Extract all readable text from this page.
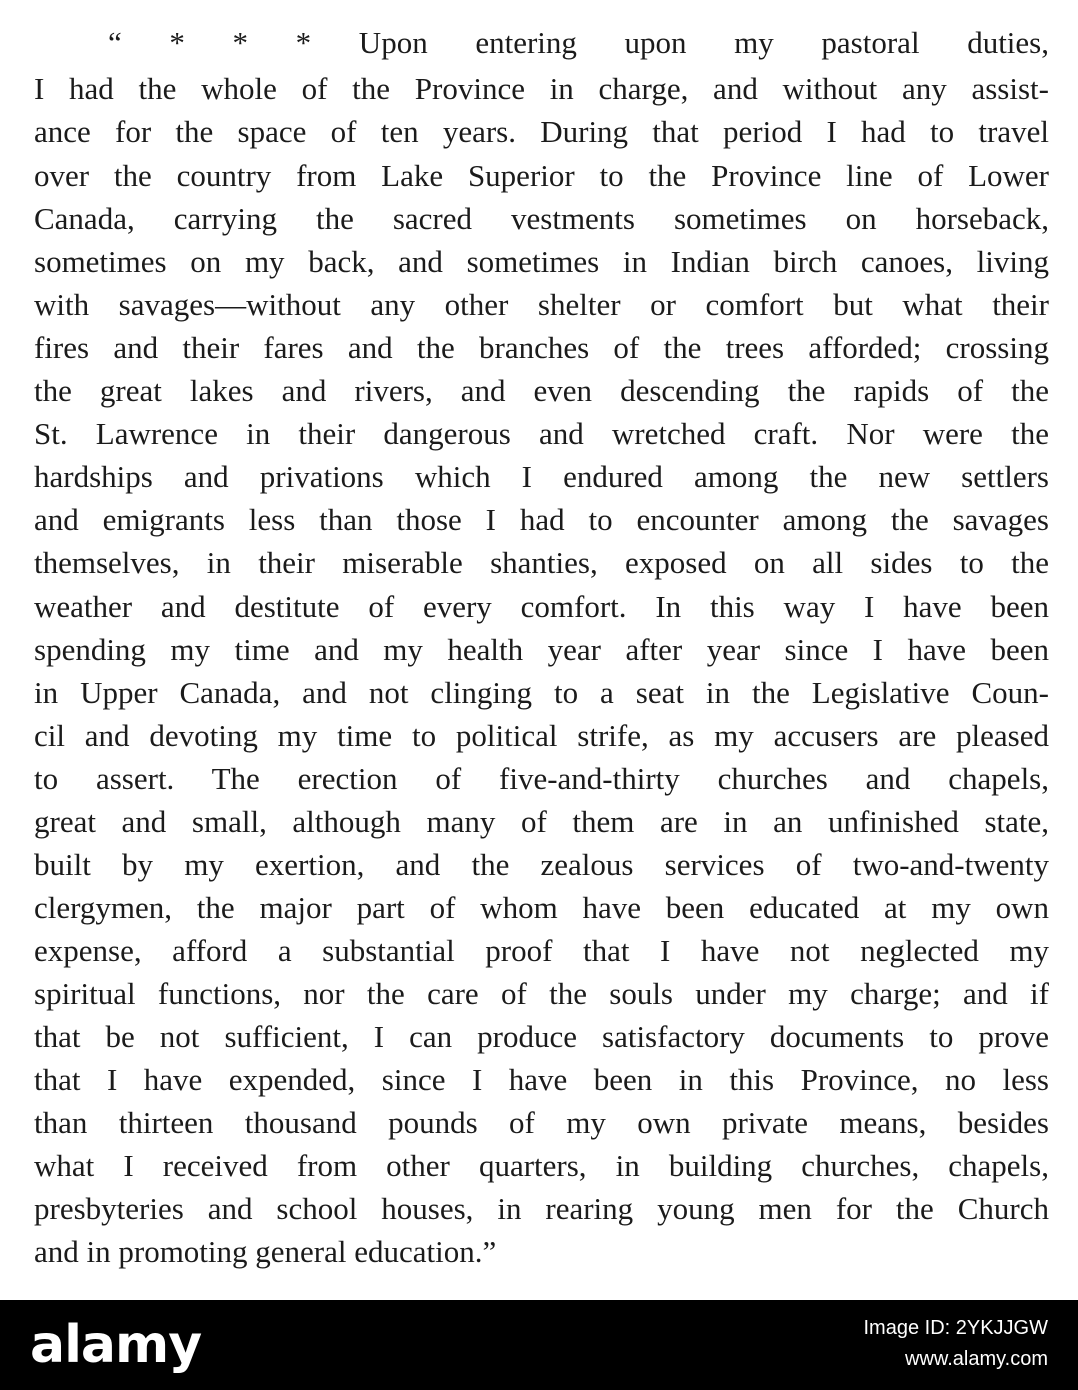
“ * * * Upon entering upon my pastoral duties,

I had the whole of the Province in charge, and without any assist-

ance for the space of ten years. During that period I had to travel

over the country from Lake Superior to the Province line of Lower

Canada, carrying the sacred vestments sometimes on horseback,

sometimes on my back, and sometimes in Indian birch canoes, living

with savages—without any other shelter or comfort but what their

fires and their fares and the branches of the trees afforded; crossing

the great lakes and rivers, and even descending the rapids of the

St. Lawrence in their dangerous and wretched craft. Nor were the

hardships and privations which I endured among the new settlers

and emigrants less than those I had to encounter among the savages

themselves, in their miserable shanties, exposed on all sides to the

weather and destitute of every comfort. In this way I have been

spending my time and my health year after year since I have been

in Upper Canada, and not clinging to a seat in the Legislative Coun-

cil and devoting my time to political strife, as my accusers are pleased

to assert. The erection of five-and-thirty churches and chapels,

great and small, although many of them are in an unfinished state,

built by my exertion, and the zealous services of two-and-twenty

clergymen, the major part of whom have been educated at my own

expense, afford a substantial proof that I have not neglected my

spiritual functions, nor the care of the souls under my charge; and if

that be not sufficient, I can produce satisfactory documents to prove

that I have expended, since I have been in this Province, no less

than thirteen thousand pounds of my own private means, besides

what I received from other quarters, in building churches, chapels,

presbyteries and school houses, in rearing young men for the Church

and in promoting general education.”

alamy	Image ID: 2YKJJGW
www.alamy.com
